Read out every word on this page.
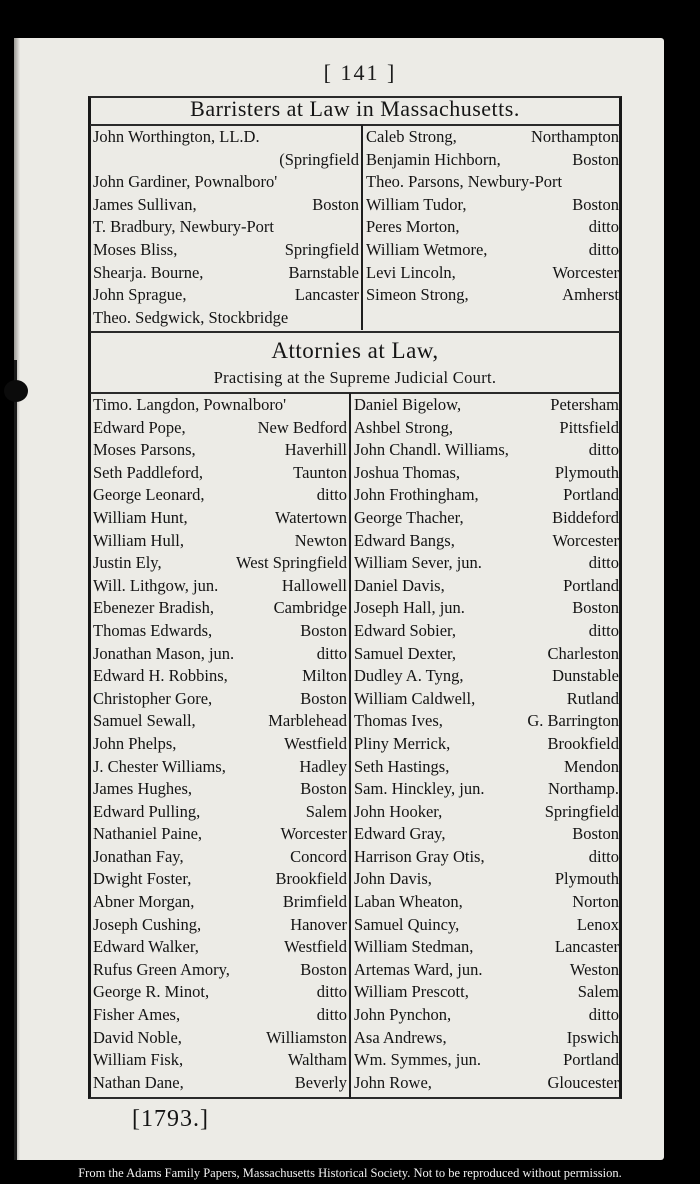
[ 141 ]
Barristers at Law in Massachusetts.
John Worthington, LL.D.
(Springfield
John Gardiner, Pownalboro'
James Sullivan,	Boston
T. Bradbury, Newbury-Port
Moses Bliss,	Springfield
Shearja. Bourne,	Barnstable
John Sprague,	Lancaster
Theo. Sedgwick, Stockbridge
Caleb Strong,	Northampton
Benjamin Hichborn,	Boston
Theo. Parsons, Newbury-Port
William Tudor,	Boston
Peres Morton,	ditto
William Wetmore,	ditto
Levi Lincoln,	Worcester
Simeon Strong,	Amherst
Attornies at Law,
Practising at the Supreme Judicial Court.
Timo. Langdon, Pownalboro'
Edward Pope,	New Bedford
Moses Parsons,	Haverhill
Seth Paddleford,	Taunton
George Leonard,	ditto
William Hunt,	Watertown
William Hull,	Newton
Justin Ely,	West Springfield
Will. Lithgow, jun.	Hallowell
Ebenezer Bradish,	Cambridge
Thomas Edwards,	Boston
Jonathan Mason, jun.	ditto
Edward H. Robbins,	Milton
Christopher Gore,	Boston
Samuel Sewall,	Marblehead
John Phelps,	Westfield
J. Chester Williams,	Hadley
James Hughes,	Boston
Edward Pulling,	Salem
Nathaniel Paine,	Worcester
Jonathan Fay,	Concord
Dwight Foster,	Brookfield
Abner Morgan,	Brimfield
Joseph Cushing,	Hanover
Edward Walker,	Westfield
Rufus Green Amory,	Boston
George R. Minot,	ditto
Fisher Ames,	ditto
David Noble,	Williamston
William Fisk,	Waltham
Nathan Dane,	Beverly
Daniel Bigelow,	Petersham
Ashbel Strong,	Pittsfield
John Chandl. Williams,	ditto
Joshua Thomas,	Plymouth
John Frothingham,	Portland
George Thacher,	Biddeford
Edward Bangs,	Worcester
William Sever, jun.	ditto
Daniel Davis,	Portland
Joseph Hall, jun.	Boston
Edward Sobier,	ditto
Samuel Dexter,	Charleston
Dudley A. Tyng,	Dunstable
William Caldwell,	Rutland
Thomas Ives,	G. Barrington
Pliny Merrick,	Brookfield
Seth Hastings,	Mendon
Sam. Hinckley, jun.	Northamp.
John Hooker,	Springfield
Edward Gray,	Boston
Harrison Gray Otis,	ditto
John Davis,	Plymouth
Laban Wheaton,	Norton
Samuel Quincy,	Lenox
William Stedman,	Lancaster
Artemas Ward, jun.	Weston
William Prescott,	Salem
John Pynchon,	ditto
Asa Andrews,	Ipswich
Wm. Symmes, jun.	Portland
John Rowe,	Gloucester
[1793.]
From the Adams Family Papers, Massachusetts Historical Society. Not to be reproduced without permission.
